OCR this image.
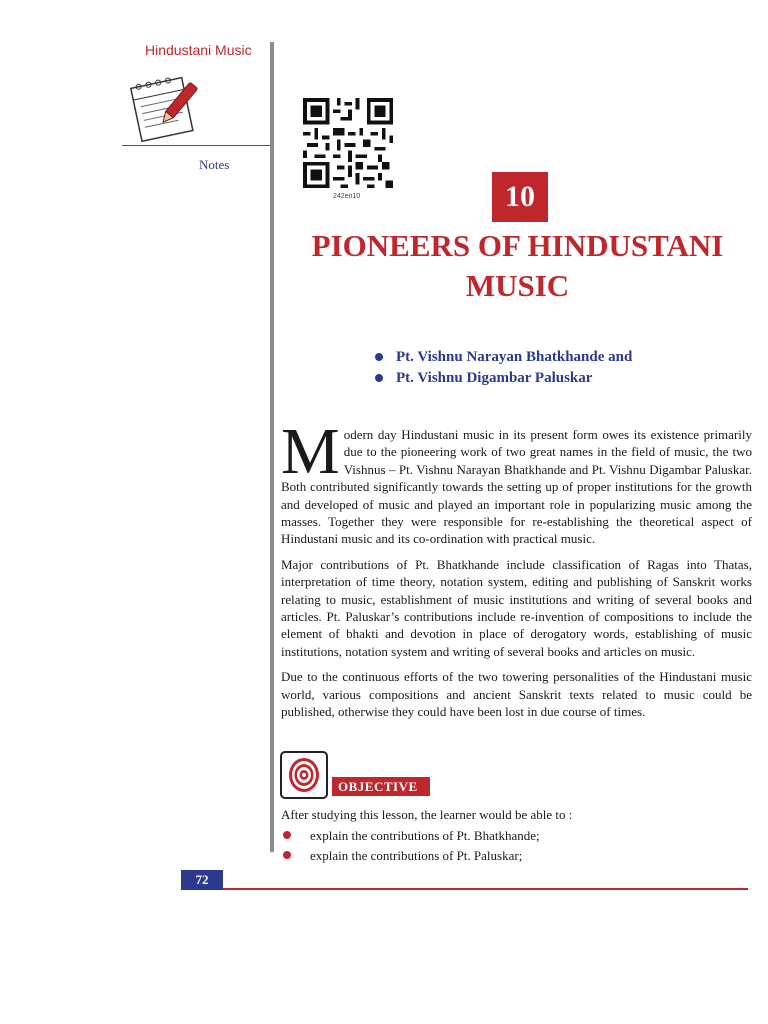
Hindustani Music
Notes
242en10	10
PIONEERS OF HINDUSTANI
MUSIC
Pt. Vishnu Narayan Bhatkhande and
Pt. Vishnu Digambar Paluskar

Modern day Hindustani music in its present form owes its existence primarily due to the pioneering work of two great names in the field of music, the two Vishnus – Pt. Vishnu Narayan Bhatkhande and Pt. Vishnu Digambar Paluskar. Both contributed significantly towards the setting up of proper institutions for the growth and developed of music and played an important role in popularizing music among the masses. Together they were responsible for re-establishing the theoretical aspect of Hindustani music and its co-ordination with practical music.

Major contributions of Pt. Bhatkhande include classification of Ragas into Thatas, interpretation of time theory, notation system, editing and publishing of Sanskrit works relating to music, establishment of music institutions and writing of several books and articles. Pt. Paluskar’s contributions include re-invention of compositions to include the element of bhakti and devotion in place of derogatory words, establishing of music institutions, notation system and writing of several books and articles on music.

Due to the continuous efforts of the two towering personalities of the Hindustani music world, various compositions and ancient Sanskrit texts related to music could be published, otherwise they could have been lost in due course of times.

OBJECTIVE
After studying this lesson, the learner would be able to :
explain the contributions of Pt. Bhatkhande;
explain the contributions of Pt. Paluskar;
72
